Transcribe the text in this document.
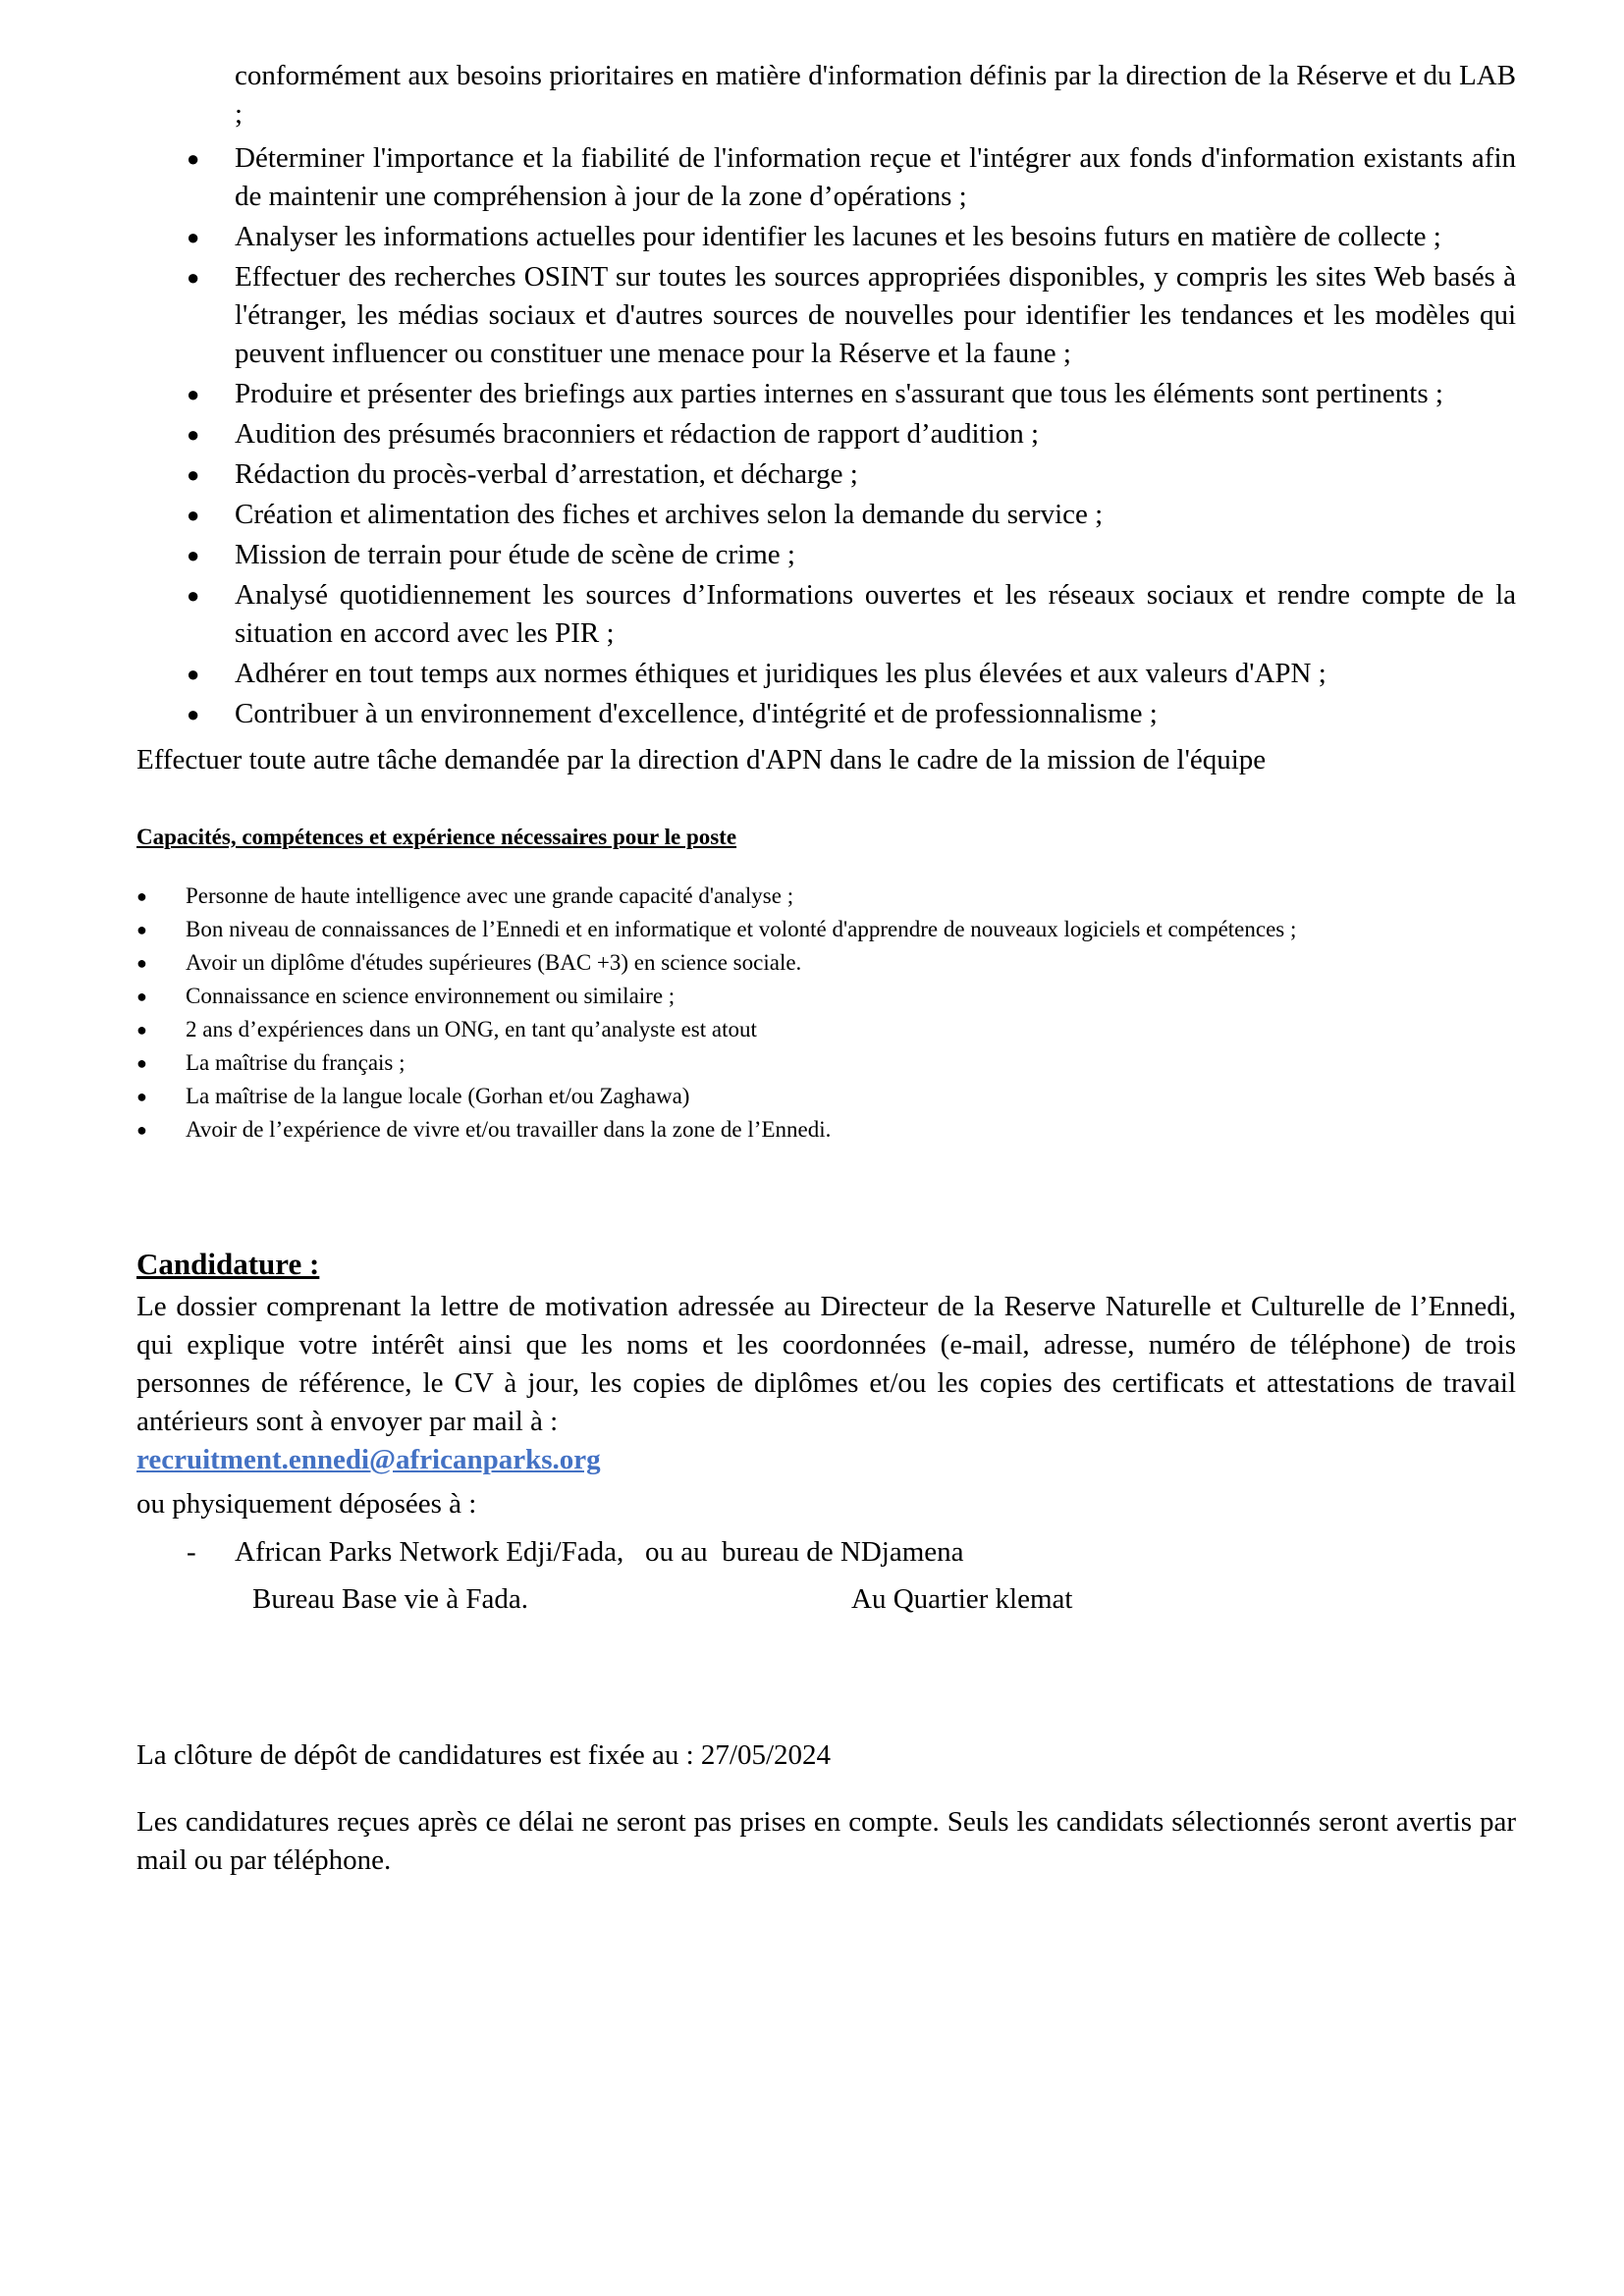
conformément aux besoins prioritaires en matière d'information définis par la direction de la Réserve et du LAB ;

● Déterminer l'importance et la fiabilité de l'information reçue et l'intégrer aux fonds d'information existants afin de maintenir une compréhension à jour de la zone d’opérations ;
● Analyser les informations actuelles pour identifier les lacunes et les besoins futurs en matière de collecte ;
● Effectuer des recherches OSINT sur toutes les sources appropriées disponibles, y compris les sites Web basés à l'étranger, les médias sociaux et d'autres sources de nouvelles pour identifier les tendances et les modèles qui peuvent influencer ou constituer une menace pour la Réserve et la faune ;
● Produire et présenter des briefings aux parties internes en s'assurant que tous les éléments sont pertinents ;
● Audition des présumés braconniers et rédaction de rapport d’audition ;
● Rédaction du procès-verbal d’arrestation, et décharge ;
● Création et alimentation des fiches et archives selon la demande du service ;
● Mission de terrain pour étude de scène de crime ;
● Analysé quotidiennement les sources d’Informations ouvertes et les réseaux sociaux et rendre compte de la situation en accord avec les PIR ;
● Adhérer en tout temps aux normes éthiques et juridiques les plus élevées et aux valeurs d'APN ;
● Contribuer à un environnement d'excellence, d'intégrité et de professionnalisme ;

Effectuer toute autre tâche demandée par la direction d'APN dans le cadre de la mission de l'équipe

Capacités, compétences et expérience nécessaires pour le poste
● Personne de haute intelligence avec une grande capacité d'analyse ;
● Bon niveau de connaissances de l’Ennedi et en informatique et volonté d'apprendre de nouveaux logiciels et compétences ;
● Avoir un diplôme d'études supérieures (BAC +3) en science sociale.
● Connaissance en science environnement ou similaire ;
● 2 ans d’expériences dans un ONG, en tant qu’analyste est atout
● La maîtrise du français ;
● La maîtrise de la langue locale (Gorhan et/ou Zaghawa)
● Avoir de l’expérience de vivre et/ou travailler dans la zone de l’Ennedi.
Candidature :

Le dossier comprenant la lettre de motivation adressée au Directeur de la Reserve Naturelle et Culturelle de l’Ennedi, qui explique votre intérêt ainsi que les noms et les coordonnées (e-mail, adresse, numéro de téléphone) de trois personnes de référence, le CV à jour, les copies de diplômes et/ou les copies des certificats et attestations de travail antérieurs sont à envoyer par mail à :
recruitment.ennedi@africanparks.org

ou physiquement déposées à :

- African Parks Network Edji/Fada,   ou au  bureau de NDjamena
Bureau Base vie à Fada.	Au Quartier klemat

La clôture de dépôt de candidatures est fixée au : 27/05/2024

Les candidatures reçues après ce délai ne seront pas prises en compte. Seuls les candidats sélectionnés seront avertis par mail ou par téléphone.
